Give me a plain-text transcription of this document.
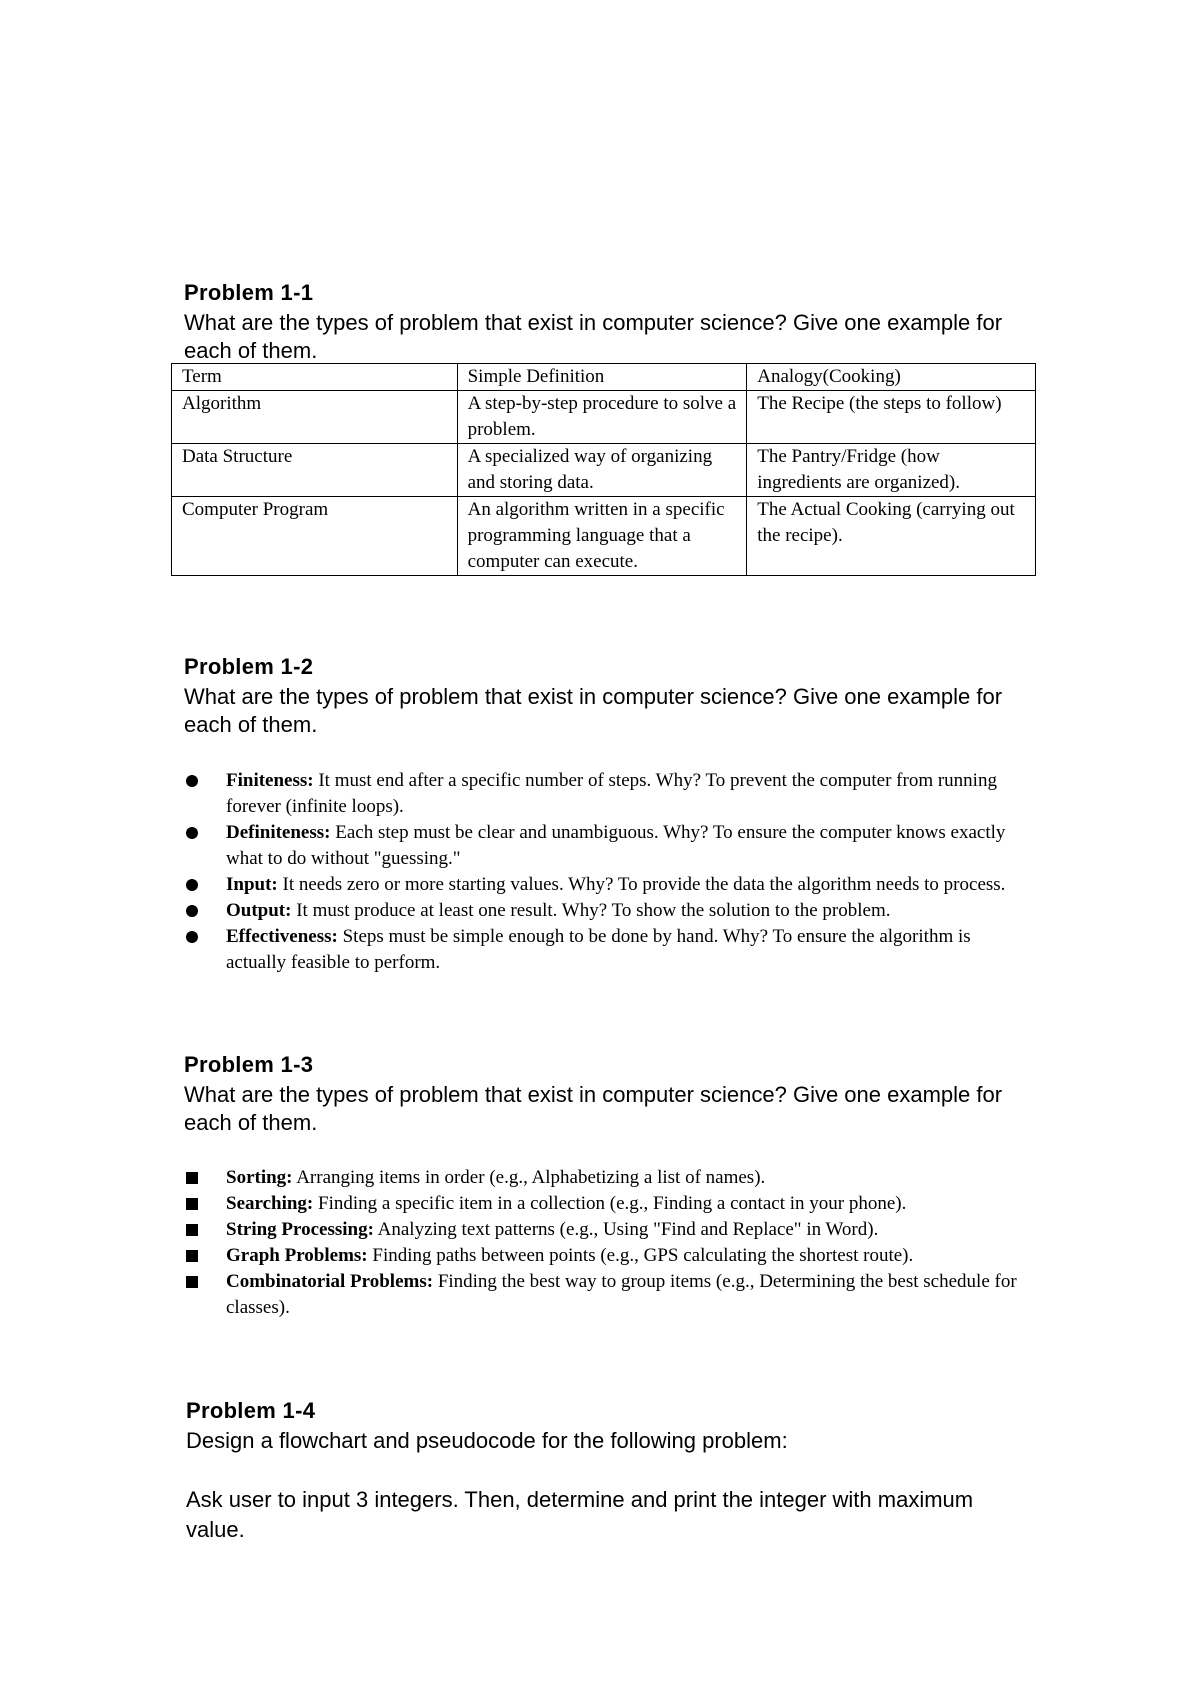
Problem 1-1
What are the types of problem that exist in computer science? Give one example for each of them.
Term	Simple Definition	Analogy(Cooking)
Algorithm	A step-by-step procedure to solve a problem.	The Recipe (the steps to follow)
Data Structure	A specialized way of organizing and storing data.	The Pantry/Fridge (how ingredients are organized).
Computer Program	An algorithm written in a specific programming language that a computer can execute.	The Actual Cooking (carrying out the recipe).
Problem 1-2
What are the types of problem that exist in computer science? Give one example for each of them.
Finiteness: It must end after a specific number of steps. Why? To prevent the computer from running forever (infinite loops).
Definiteness: Each step must be clear and unambiguous. Why? To ensure the computer knows exactly what to do without "guessing."
Input: It needs zero or more starting values. Why? To provide the data the algorithm needs to process.
Output: It must produce at least one result. Why? To show the solution to the problem.
Effectiveness: Steps must be simple enough to be done by hand. Why? To ensure the algorithm is actually feasible to perform.
Problem 1-3
What are the types of problem that exist in computer science? Give one example for each of them.
Sorting: Arranging items in order (e.g., Alphabetizing a list of names).
Searching: Finding a specific item in a collection (e.g., Finding a contact in your phone).
String Processing: Analyzing text patterns (e.g., Using "Find and Replace" in Word).
Graph Problems: Finding paths between points (e.g., GPS calculating the shortest route).
Combinatorial Problems: Finding the best way to group items (e.g., Determining the best schedule for classes).
Problem 1-4
Design a flowchart and pseudocode for the following problem:
Ask user to input 3 integers. Then, determine and print the integer with maximum value.
